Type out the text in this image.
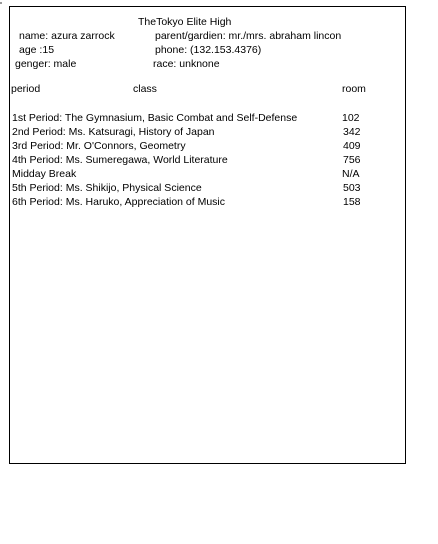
TheTokyo Elite High
name: azura zarrock	parent/gardien: mr./mrs. abraham lincon
age :15	phone: (132.153.4376)
genger: male	race: unknone
period	class	room
1st Period: The Gymnasium, Basic Combat and Self-Defense	102
2nd Period: Ms. Katsuragi, History of Japan	342
3rd Period: Mr. O'Connors, Geometry	409
4th Period: Ms. Sumeregawa, World Literature	756
Midday Break	N/A
5th Period: Ms. Shikijo, Physical Science	503
6th Period: Ms. Haruko, Appreciation of Music	158
